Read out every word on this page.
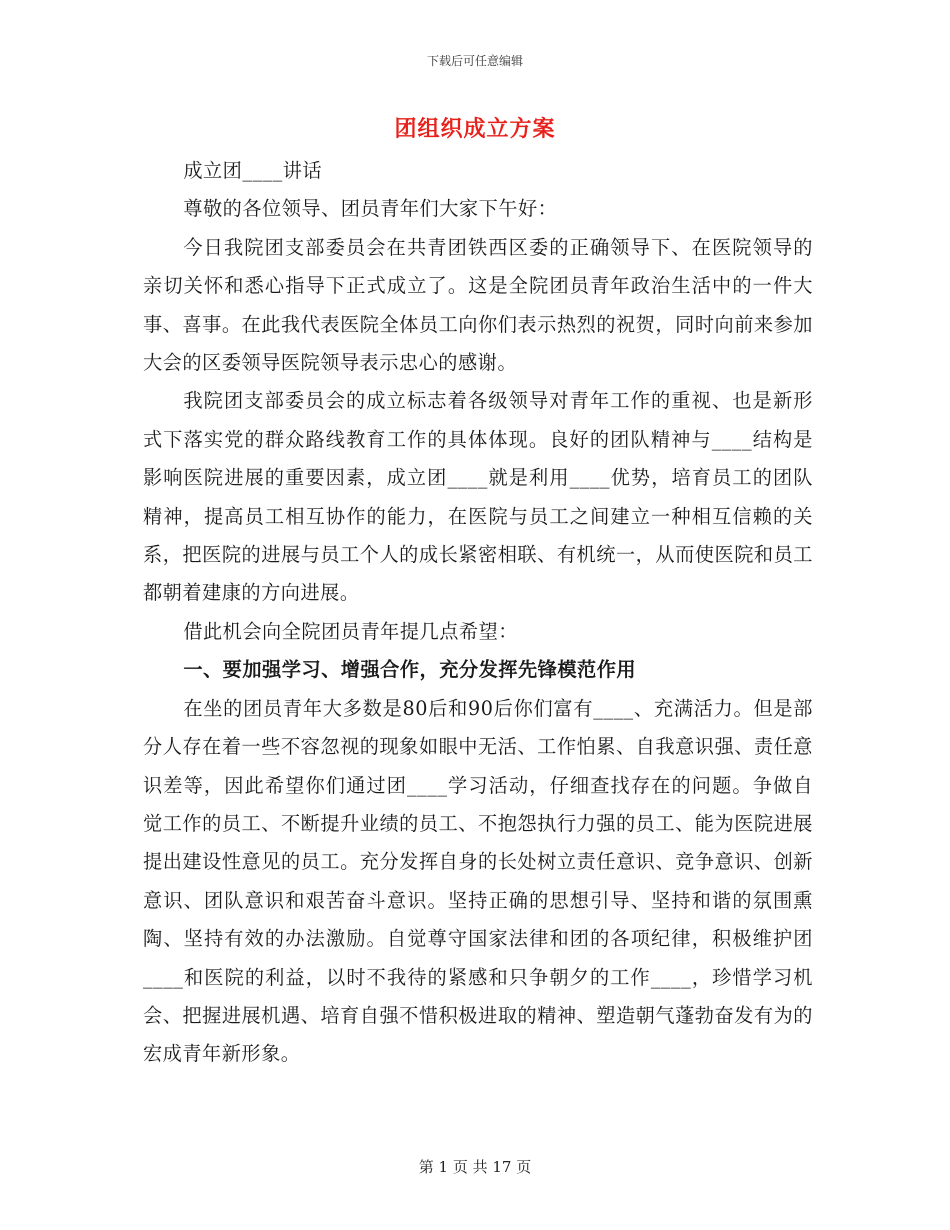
下载后可任意编辑
团组织成立方案

成立团____讲话

尊敬的各位领导、团员青年们大家下午好：

今日我院团支部委员会在共青团铁西区委的正确领导下、在医院领导的亲切关怀和悉心指导下正式成立了。这是全院团员青年政治生活中的一件大事、喜事。在此我代表医院全体员工向你们表示热烈的祝贺，同时向前来参加大会的区委领导医院领导表示忠心的感谢。

我院团支部委员会的成立标志着各级领导对青年工作的重视、也是新形式下落实党的群众路线教育工作的具体体现。良好的团队精神与____结构是影响医院进展的重要因素，成立团____就是利用____优势，培育员工的团队精神，提高员工相互协作的能力，在医院与员工之间建立一种相互信赖的关系，把医院的进展与员工个人的成长紧密相联、有机统一，从而使医院和员工都朝着建康的方向进展。

借此机会向全院团员青年提几点希望：

一、要加强学习、增强合作，充分发挥先锋模范作用

在坐的团员青年大多数是80后和90后你们富有____、充满活力。但是部分人存在着一些不容忽视的现象如眼中无活、工作怕累、自我意识强、责任意识差等，因此希望你们通过团____学习活动，仔细查找存在的问题。争做自觉工作的员工、不断提升业绩的员工、不抱怨执行力强的员工、能为医院进展提出建设性意见的员工。充分发挥自身的长处树立责任意识、竞争意识、创新意识、团队意识和艰苦奋斗意识。坚持正确的思想引导、坚持和谐的氛围熏陶、坚持有效的办法激励。自觉尊守国家法律和团的各项纪律，积极维护团____和医院的利益，以时不我待的紧感和只争朝夕的工作____，珍惜学习机会、把握进展机遇、培育自强不惜积极进取的精神、塑造朝气蓬勃奋发有为的宏成青年新形象。

第 1 页 共 17 页
